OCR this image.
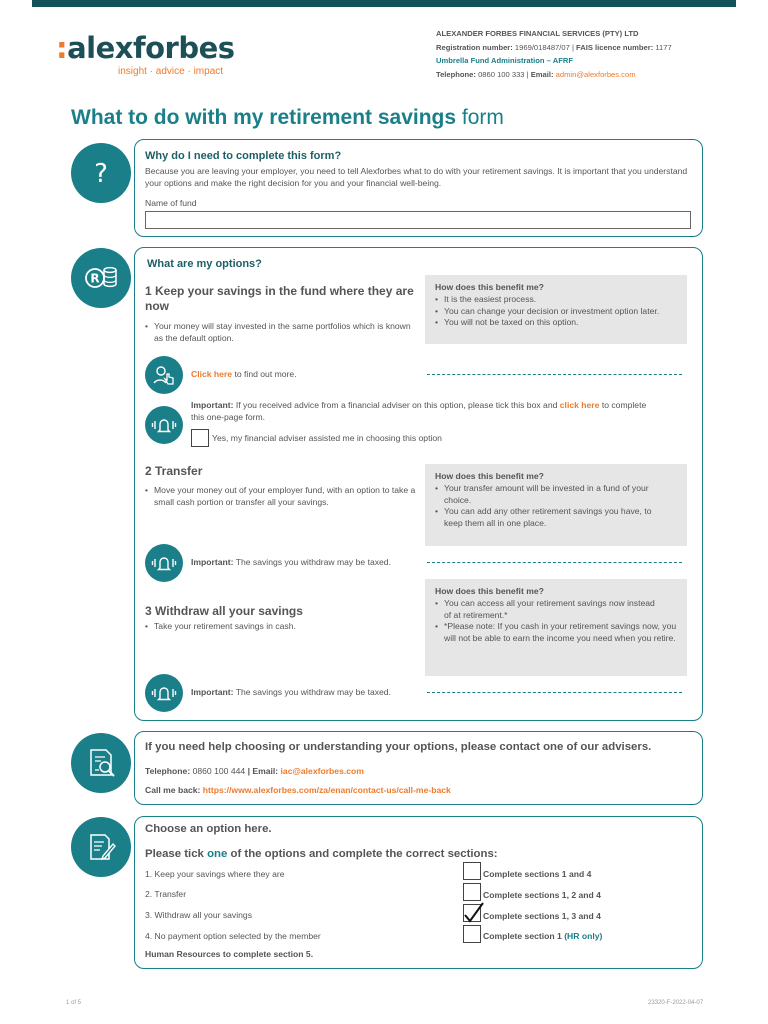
:alexforbes
insight · advice · impact
ALEXANDER FORBES FINANCIAL SERVICES (PTY) LTD
Registration number: 1969/018487/07 | FAIS licence number: 1177
Umbrella Fund Administration – AFRF
Telephone: 0860 100 333 | Email: admin@alexforbes.com
What to do with my retirement savings form
?
Why do I need to complete this form?
Because you are leaving your employer, you need to tell Alexforbes what to do with your retirement savings. It is important that you understand your options and make the right decision for you and your financial well-being.
Name of fund
R
What are my options?
1 Keep your savings in the fund where they are now
• Your money will stay invested in the same portfolios which is known as the default option.
How does this benefit me?
• It is the easiest process.
• You can change your decision or investment option later.
• You will not be taxed on this option.
Click here to find out more.
Important: If you received advice from a financial adviser on this option, please tick this box and click here to complete this one-page form.
Yes, my financial adviser assisted me in choosing this option
2 Transfer
• Move your money out of your employer fund, with an option to take a small cash portion or transfer all your savings.
How does this benefit me?
• Your transfer amount will be invested in a fund of your choice.
• You can add any other retirement savings you have, to keep them all in one place.
Important: The savings you withdraw may be taxed.
How does this benefit me?
• You can access all your retirement savings now instead of at retirement.*
• *Please note: If you cash in your retirement savings now, you will not be able to earn the income you need when you retire.
3 Withdraw all your savings
• Take your retirement savings in cash.
Important: The savings you withdraw may be taxed.
If you need help choosing or understanding your options, please contact one of our advisers.
Telephone: 0860 100 444 | Email: iac@alexforbes.com
Call me back: https://www.alexforbes.com/za/enan/contact-us/call-me-back
Choose an option here.
Please tick one of the options and complete the correct sections:
1. Keep your savings where they are	Complete sections 1 and 4
2. Transfer	Complete sections 1, 2 and 4
3. Withdraw all your savings	Complete sections 1, 3 and 4
4. No payment option selected by the member	Complete section 1 (HR only)
Human Resources to complete section 5.
1 of 5	23320-F-2022-04-07
